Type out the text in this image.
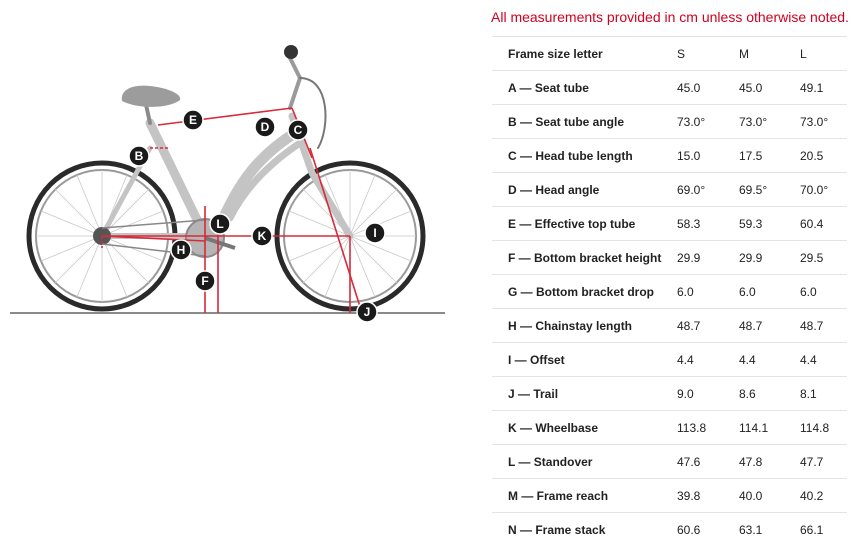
All measurements provided in cm unless otherwise noted.
E	D C
B
L
K
H
I
F
J
Frame size letter	S	M	L
A — Seat tube	45.0	45.0	49.1
B — Seat tube angle	73.0°	73.0°	73.0°
C — Head tube length	15.0	17.5	20.5
D — Head angle	69.0°	69.5°	70.0°
E — Effective top tube	58.3	59.3	60.4
F — Bottom bracket height	29.9	29.9	29.5
G — Bottom bracket drop	6.0	6.0	6.0
H — Chainstay length	48.7	48.7	48.7
I — Offset	4.4	4.4	4.4
J — Trail	9.0	8.6	8.1
K — Wheelbase	113.8	114.1	114.8
L — Standover	47.6	47.8	47.7
M — Frame reach	39.8	40.0	40.2
N — Frame stack	60.6	63.1	66.1
